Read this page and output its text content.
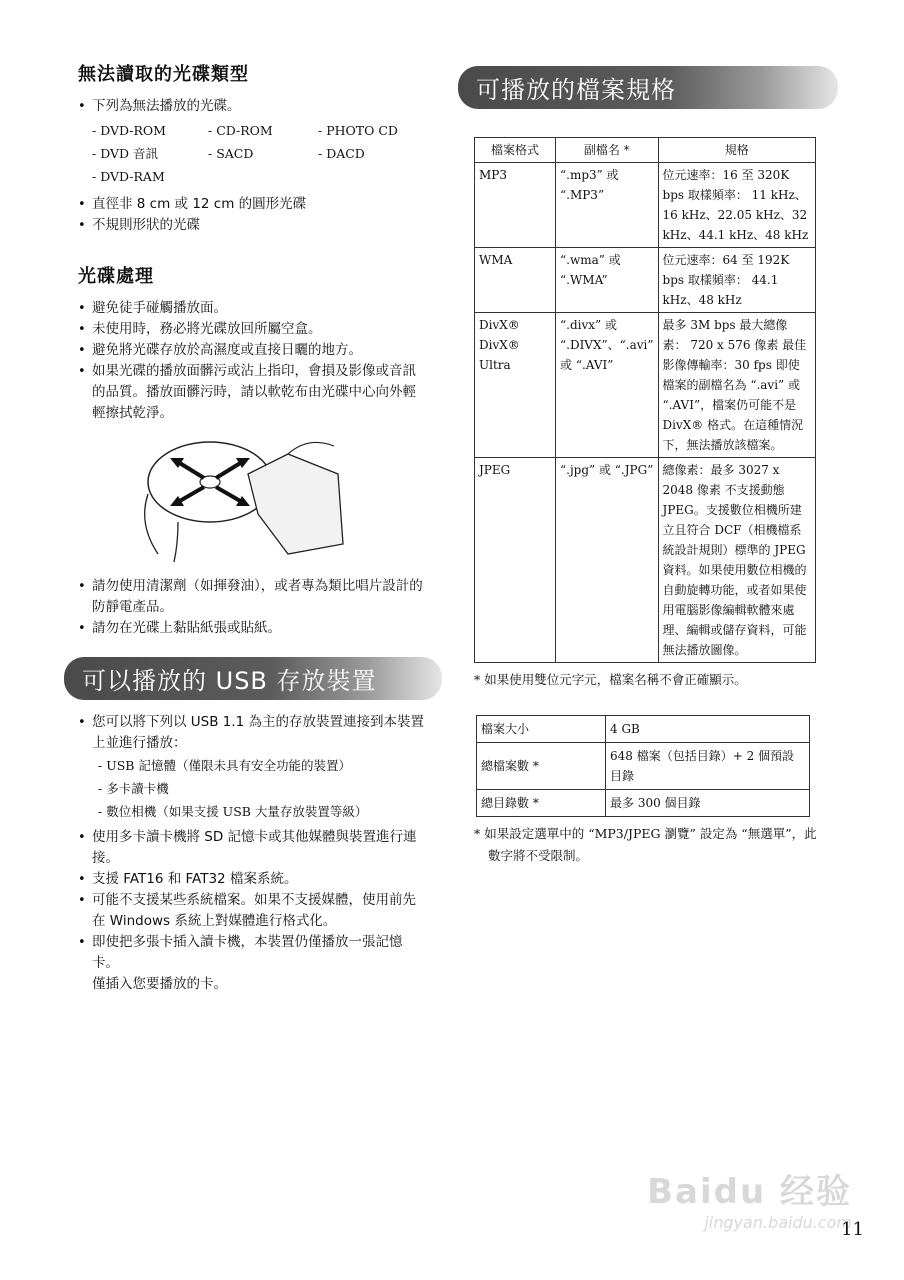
無法讀取的光碟類型
• 下列為無法播放的光碟。
- DVD-ROM	- CD-ROM	- PHOTO CD
- DVD 音訊	- SACD	- DACD
- DVD-RAM
• 直徑非 8 cm 或 12 cm 的圓形光碟
• 不規則形狀的光碟
光碟處理
• 避免徒手碰觸播放面。
• 未使用時，務必將光碟放回所屬空盒。
• 避免將光碟存放於高濕度或直接日曬的地方。
• 如果光碟的播放面髒污或沾上指印，會損及影像或音訊的品質。播放面髒污時，請以軟乾布由光碟中心向外輕輕擦拭乾淨。
• 請勿使用清潔劑（如揮發油），或者專為類比唱片設計的防靜電產品。
• 請勿在光碟上黏貼紙張或貼紙。
可以播放的 USB 存放裝置
• 您可以將下列以 USB 1.1 為主的存放裝置連接到本裝置上並進行播放：
- USB 記憶體（僅限未具有安全功能的裝置）
- 多卡讀卡機
- 數位相機（如果支援 USB 大量存放裝置等級）
• 使用多卡讀卡機將 SD 記憶卡或其他媒體與裝置進行連接。
• 支援 FAT16 和 FAT32 檔案系統。
• 可能不支援某些系統檔案。如果不支援媒體，使用前先在 Windows 系統上對媒體進行格式化。
• 即使把多張卡插入讀卡機，本裝置仍僅播放一張記憶卡。
僅插入您要播放的卡。
可播放的檔案規格
檔案格式	副檔名 *	規格
MP3	“.mp3” 或 “.MP3”	位元速率：16 至 320K bps 取樣頻率： 11 kHz、16 kHz、22.05 kHz、32 kHz、44.1 kHz、48 kHz
WMA	“.wma” 或 “.WMA”	位元速率：64 至 192K bps 取樣頻率： 44.1 kHz、48 kHz
DivX® DivX® Ultra	“.divx” 或 “.DIVX”、“.avi” 或 “.AVI”	最多 3M bps 最大總像素： 720 x 576 像素 最佳影像傳輸率：30 fps 即使檔案的副檔名為 “.avi” 或 “.AVI”，檔案仍可能不是 DivX® 格式。在這種情況下，無法播放該檔案。
JPEG	“.jpg” 或 “.JPG”	總像素：最多 3027 x 2048 像素 不支援動態 JPEG。支援數位相機所建立且符合 DCF（相機檔系統設計規則）標準的 JPEG 資料。如果使用數位相機的自動旋轉功能，或者如果使用電腦影像編輯軟體來處理、編輯或儲存資料，可能無法播放圖像。
* 如果使用雙位元字元，檔案名稱不會正確顯示。
檔案大小	4 GB
總檔案數 *	648 檔案（包括目錄）+ 2 個預設目錄
總目錄數 *	最多 300 個目錄
* 如果設定選單中的 “MP3/JPEG 瀏覽” 設定為 “無選單”，此數字將不受限制。
Baidu 经验
jingyan.baidu.com
11
